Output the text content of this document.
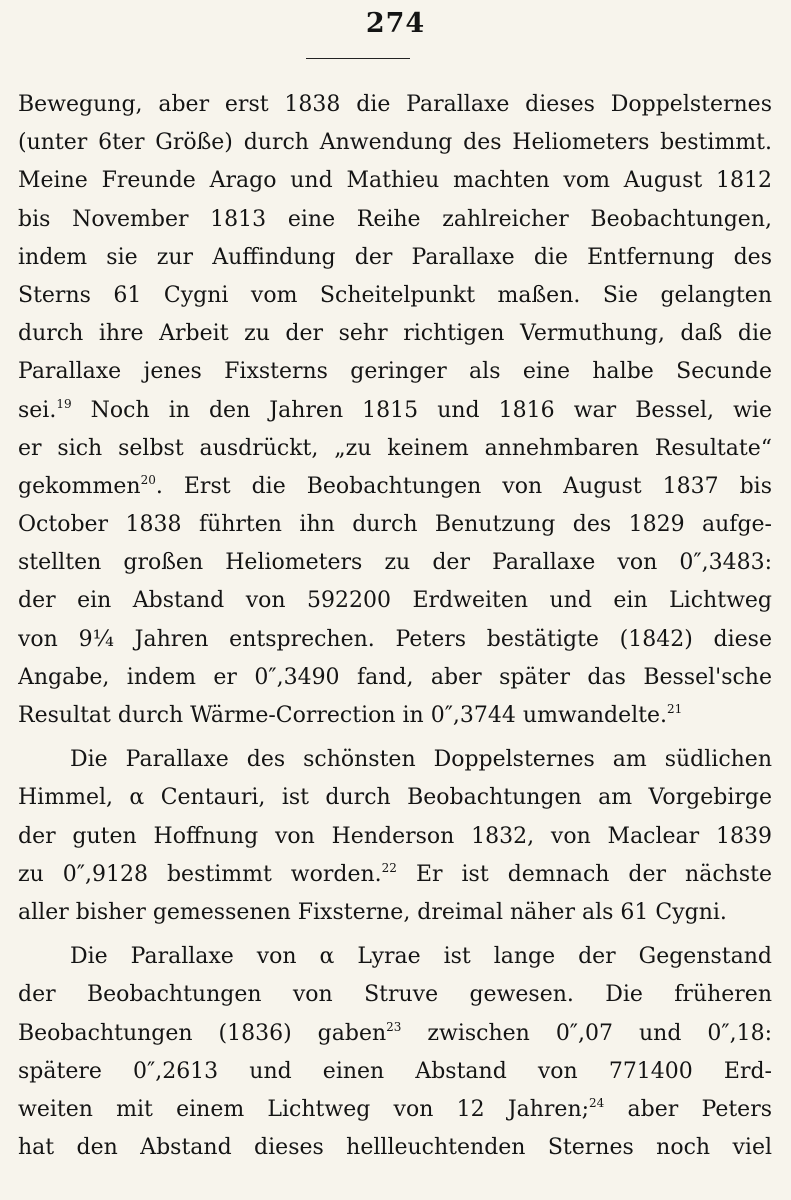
274
Bewegung, aber erst 1838 die Parallaxe dieses Doppelsternes
(unter 6ter Größe) durch Anwendung des Heliometers bestimmt.
Meine Freunde Arago und Mathieu machten vom August 1812
bis November 1813 eine Reihe zahlreicher Beobachtungen,
indem sie zur Auffindung der Parallaxe die Entfernung des
Sterns 61 Cygni vom Scheitelpunkt maßen. Sie gelangten
durch ihre Arbeit zu der sehr richtigen Vermuthung, daß die
Parallaxe jenes Fixsterns geringer als eine halbe Secunde
sei.$^{19}$ Noch in den Jahren 1815 und 1816 war Bessel, wie
er sich selbst ausdrückt, „zu keinem annehmbaren Resultate“
gekommen$^{20}$. Erst die Beobachtungen von August 1837 bis
October 1838 führten ihn durch Benutzung des 1829 aufge-
stellten großen Heliometers zu der Parallaxe von 0″,3483:
der ein Abstand von 592200 Erdweiten und ein Lichtweg
von 9¼ Jahren entsprechen. Peters bestätigte (1842) diese
Angabe, indem er 0″,3490 fand, aber später das Bessel'sche
Resultat durch Wärme-Correction in 0″,3744 umwandelte.$^{21}$
Die Parallaxe des schönsten Doppelsternes am südlichen
Himmel, α Centauri, ist durch Beobachtungen am Vorgebirge
der guten Hoffnung von Henderson 1832, von Maclear 1839
zu 0″,9128 bestimmt worden.$^{22}$ Er ist demnach der nächste
aller bisher gemessenen Fixsterne, dreimal näher als 61 Cygni.
Die Parallaxe von α Lyrae ist lange der Gegenstand
der Beobachtungen von Struve gewesen. Die früheren
Beobachtungen (1836) gaben$^{23}$ zwischen 0″,07 und 0″,18:
spätere 0″,2613 und einen Abstand von 771400 Erd-
weiten mit einem Lichtweg von 12 Jahren;$^{24}$ aber Peters
hat den Abstand dieses hellleuchtenden Sternes noch viel
